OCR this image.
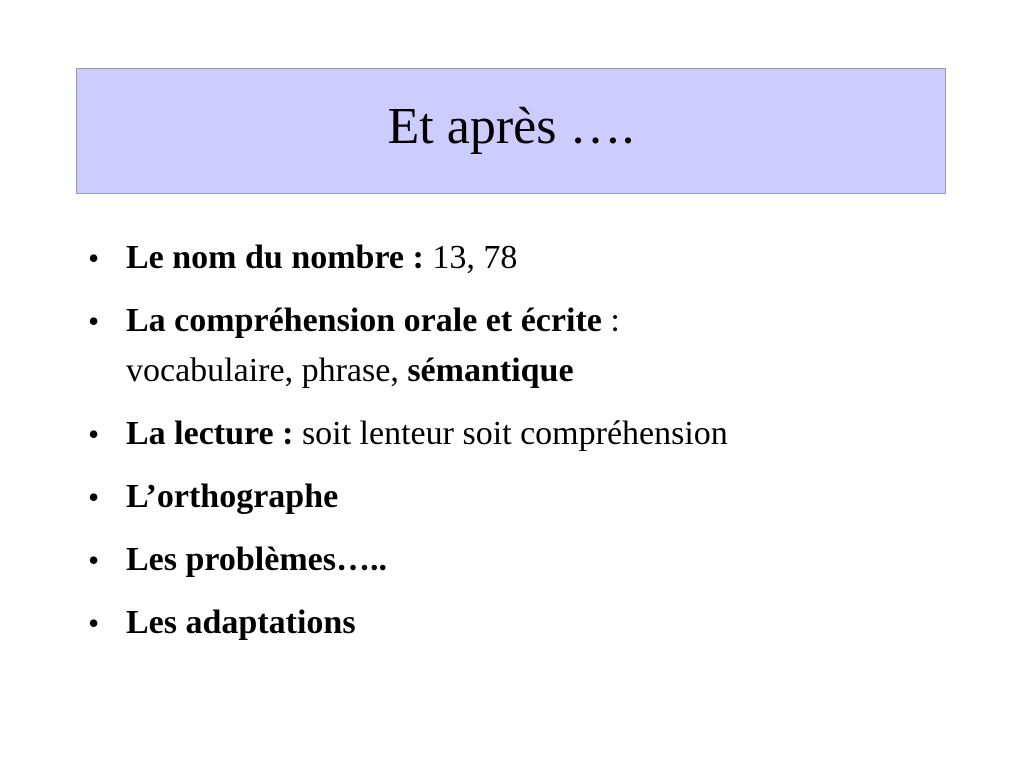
Et après ….
• Le nom du nombre : 13, 78
• La compréhension orale et écrite :
vocabulaire, phrase, sémantique
• La lecture : soit lenteur soit compréhension
• L’orthographe
• Les problèmes…..
• Les adaptations
